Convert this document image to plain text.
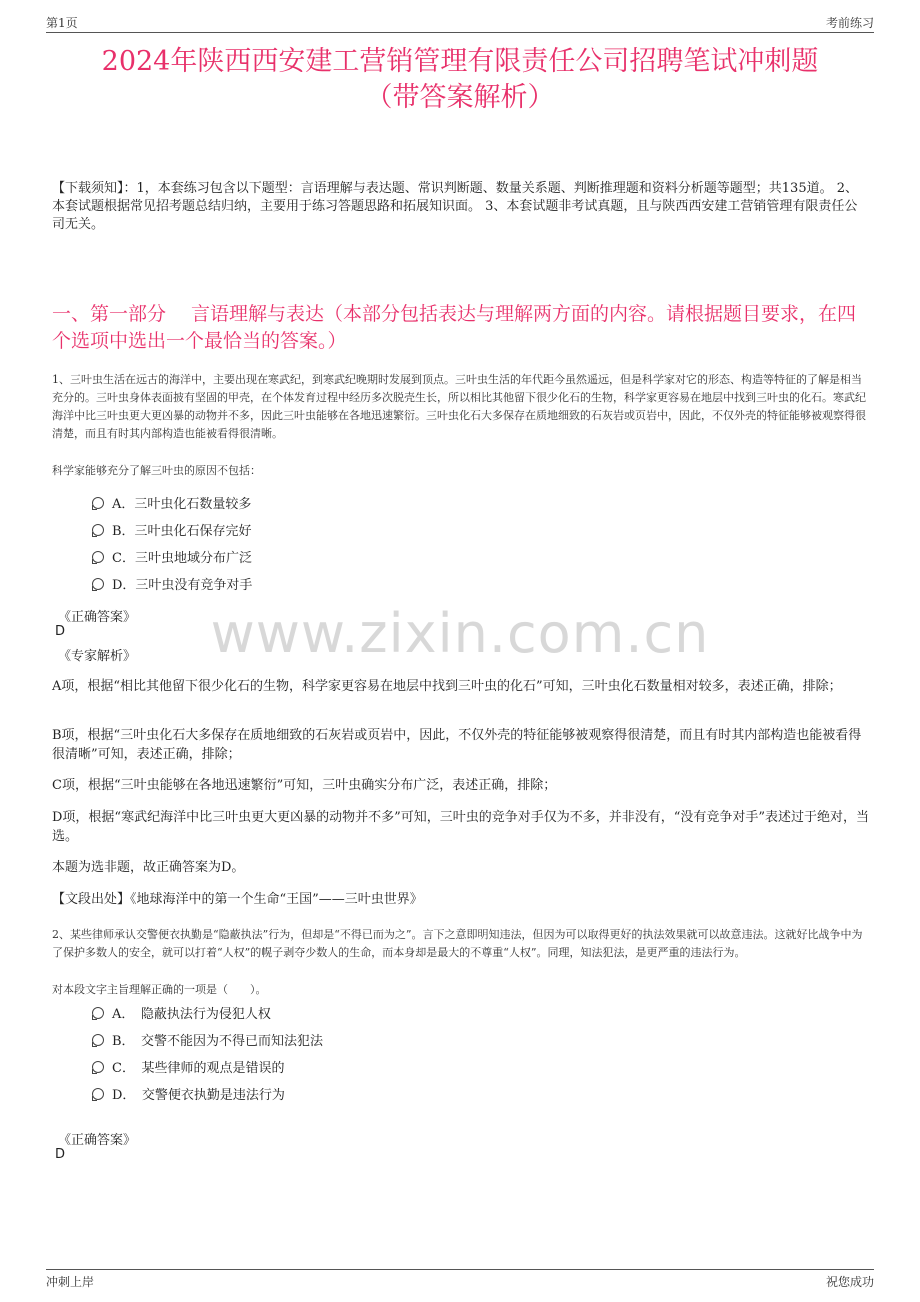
第1页	考前练习
2024年陕西西安建工营销管理有限责任公司招聘笔试冲刺题
（带答案解析）
【下载须知】：1，本套练习包含以下题型：言语理解与表达题、常识判断题、数量关系题、判断推理题和资料分析题等题型；共135道。 2、本套试题根据常见招考题总结归纳，主要用于练习答题思路和拓展知识面。 3、本套试题非考试真题，且与陕西西安建工营销管理有限责任公司无关。
一、第一部分　 言语理解与表达（本部分包括表达与理解两方面的内容。请根据题目要求，在四个选项中选出一个最恰当的答案。）
1、三叶虫生活在远古的海洋中，主要出现在寒武纪，到寒武纪晚期时发展到顶点。三叶虫生活的年代距今虽然遥远，但是科学家对它的形态、构造等特征的了解是相当充分的。三叶虫身体表面披有坚固的甲壳，在个体发育过程中经历多次脱壳生长，所以相比其他留下很少化石的生物，科学家更容易在地层中找到三叶虫的化石。寒武纪海洋中比三叶虫更大更凶暴的动物并不多，因此三叶虫能够在各地迅速繁衍。三叶虫化石大多保存在质地细致的石灰岩或页岩中，因此，不仅外壳的特征能够被观察得很清楚，而且有时其内部构造也能被看得很清晰。
科学家能够充分了解三叶虫的原因不包括：
A．三叶虫化石数量较多
B．三叶虫化石保存完好
C．三叶虫地域分布广泛
D．三叶虫没有竞争对手
《正确答案》
D
《专家解析》	www.zixin.com.cn
A项，根据“相比其他留下很少化石的生物，科学家更容易在地层中找到三叶虫的化石”可知，三叶虫化石数量相对较多，表述正确，排除；
B项，根据“三叶虫化石大多保存在质地细致的石灰岩或页岩中，因此，不仅外壳的特征能够被观察得很清楚，而且有时其内部构造也能被看得很清晰”可知，表述正确，排除；
C项，根据“三叶虫能够在各地迅速繁衍”可知，三叶虫确实分布广泛，表述正确，排除；
D项，根据“寒武纪海洋中比三叶虫更大更凶暴的动物并不多”可知，三叶虫的竞争对手仅为不多，并非没有，“没有竞争对手”表述过于绝对，当选。
本题为选非题，故正确答案为D。
【文段出处】《地球海洋中的第一个生命“王国”——三叶虫世界》
2、某些律师承认交警便衣执勤是“隐蔽执法”行为，但却是“不得已而为之”。言下之意即明知违法，但因为可以取得更好的执法效果就可以故意违法。这就好比战争中为了保护多数人的安全，就可以打着“人权”的幌子剥夺少数人的生命，而本身却是最大的不尊重“人权”。同理，知法犯法，是更严重的违法行为。
对本段文字主旨理解正确的一项是（　　）。
A．　隐蔽执法行为侵犯人权
B．　交警不能因为不得已而知法犯法
C．　某些律师的观点是错误的
D．　交警便衣执勤是违法行为
《正确答案》
D
冲刺上岸	祝您成功
